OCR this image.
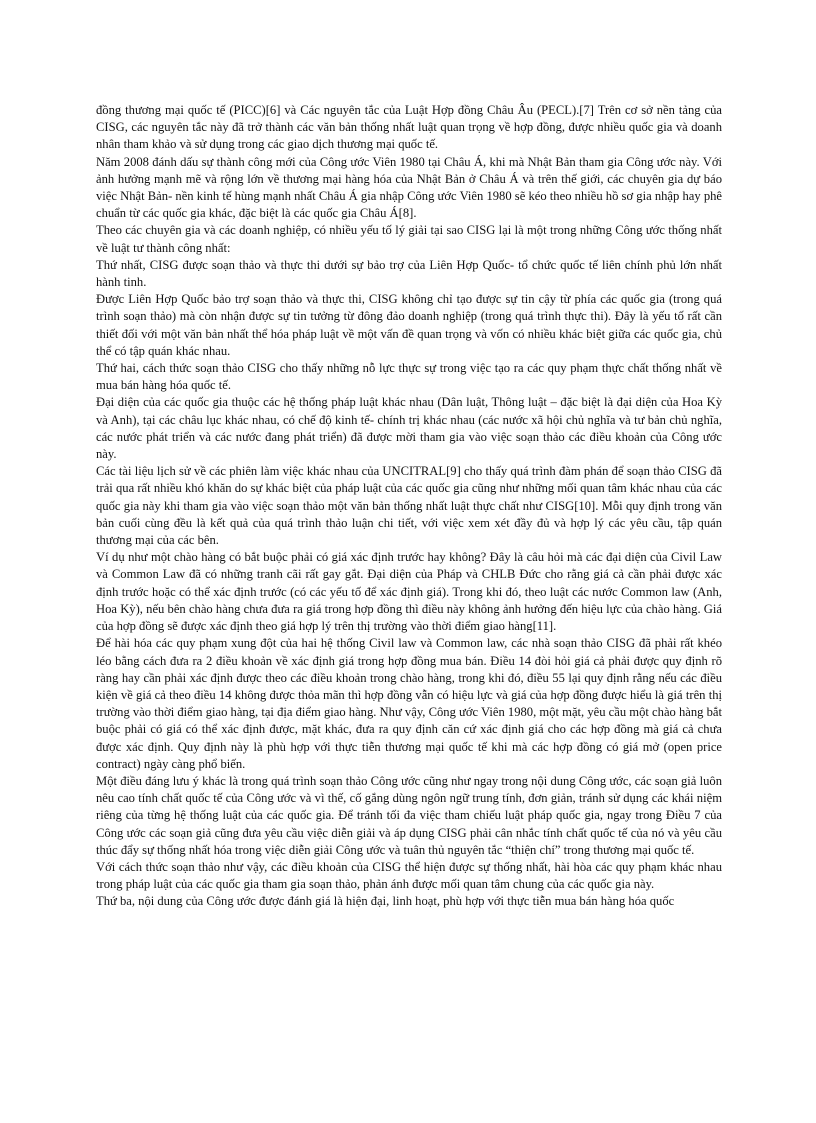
đồng thương mại quốc tế (PICC)[6] và Các nguyên tắc của Luật Hợp đồng Châu Âu (PECL).[7] Trên cơ sở nền tảng của CISG, các nguyên tắc này đã trở thành các văn bản thống nhất luật quan trọng về hợp đồng, được nhiều quốc gia và doanh nhân tham khảo và sử dụng trong các giao dịch thương mại quốc tế.

Năm 2008 đánh dấu sự thành công mới của Công ước Viên 1980 tại Châu Á, khi mà Nhật Bản tham gia Công ước này. Với ảnh hưởng mạnh mẽ và rộng lớn về thương mại hàng hóa của Nhật Bản ở Châu Á và trên thế giới, các chuyên gia dự báo việc Nhật Bản- nền kinh tế hùng mạnh nhất Châu Á gia nhập Công ước Viên 1980 sẽ kéo theo nhiều hồ sơ gia nhập hay phê chuẩn từ các quốc gia khác, đặc biệt là các quốc gia Châu Á[8].

Theo các chuyên gia và các doanh nghiệp, có nhiều yếu tố lý giải tại sao CISG lại là một trong những Công ước thống nhất về luật tư thành công nhất:

Thứ nhất, CISG được soạn thảo và thực thi dưới sự bảo trợ của Liên Hợp Quốc- tổ chức quốc tế liên chính phủ lớn nhất hành tinh.

Được Liên Hợp Quốc bảo trợ soạn thảo và thực thi, CISG không chỉ tạo được sự tin cậy từ phía các quốc gia (trong quá trình soạn thảo) mà còn nhận được sự tin tưởng từ đông đảo doanh nghiệp (trong quá trình thực thi). Đây là yếu tố rất cần thiết đối với một văn bản nhất thể hóa pháp luật về một vấn đề quan trọng và vốn có nhiều khác biệt giữa các quốc gia, chủ thể có tập quán khác nhau.

Thứ hai, cách thức soạn thảo CISG cho thấy những nỗ lực thực sự trong việc tạo ra các quy phạm thực chất thống nhất về mua bán hàng hóa quốc tế.

Đại diện của các quốc gia thuộc các hệ thống pháp luật khác nhau (Dân luật, Thông luật – đặc biệt là đại diện của Hoa Kỳ và Anh), tại các châu lục khác nhau, có chế độ kinh tế- chính trị khác nhau (các nước xã hội chủ nghĩa và tư bản chủ nghĩa, các nước phát triển và các nước đang phát triển) đã được mời tham gia vào việc soạn thảo các điều khoản của Công ước này.

Các tài liệu lịch sử về các phiên làm việc khác nhau của UNCITRAL[9] cho thấy quá trình đàm phán để soạn thảo CISG đã trải qua rất nhiều khó khăn do sự khác biệt của pháp luật của các quốc gia cũng như những mối quan tâm khác nhau của các quốc gia này khi tham gia vào việc soạn thảo một văn bản thống nhất luật thực chất như CISG[10]. Mỗi quy định trong văn bản cuối cùng đều là kết quả của quá trình thảo luận chi tiết, với việc xem xét đầy đủ và hợp lý các yêu cầu, tập quán thương mại của các bên.

Ví dụ như một chào hàng có bắt buộc phải có giá xác định trước hay không? Đây là câu hỏi mà các đại diện của Civil Law và Common Law đã có những tranh cãi rất gay gắt. Đại diện của Pháp và CHLB Đức cho rằng giá cả cần phải được xác định trước hoặc có thể xác định trước (có các yếu tố để xác định giá). Trong khi đó, theo luật các nước Common law (Anh, Hoa Kỳ), nếu bên chào hàng chưa đưa ra giá trong hợp đồng thì điều này không ảnh hưởng đến hiệu lực của chào hàng. Giá của hợp đồng sẽ được xác định theo giá hợp lý trên thị trường vào thời điểm giao hàng[11].

Để hài hóa các quy phạm xung đột của hai hệ thống Civil law và Common law, các nhà soạn thảo CISG đã phải rất khéo léo bằng cách đưa ra 2 điều khoản về xác định giá trong hợp đồng mua bán. Điều 14 đòi hỏi giá cả phải được quy định rõ ràng hay cần phải xác định được theo các điều khoản trong chào hàng, trong khi đó, điều 55 lại quy định rằng nếu các điều kiện về giá cả theo điều 14 không được thỏa mãn thì hợp đồng vẫn có hiệu lực và giá của hợp đồng được hiểu là giá trên thị trường vào thời điểm giao hàng, tại địa điểm giao hàng. Như vậy, Công ước Viên 1980, một mặt, yêu cầu một chào hàng bắt buộc phải có giá có thể xác định được, mặt khác, đưa ra quy định căn cứ xác định giá cho các hợp đồng mà giá cả chưa được xác định. Quy định này là phù hợp với thực tiễn thương mại quốc tế khi mà các hợp đồng có giá mở (open price contract) ngày càng phổ biến.

Một điều đáng lưu ý khác là trong quá trình soạn thảo Công ước cũng như ngay trong nội dung Công ước, các soạn giả luôn nêu cao tính chất quốc tế của Công ước và vì thế, cố gắng dùng ngôn ngữ trung tính, đơn giản, tránh sử dụng các khái niệm riêng của từng hệ thống luật của các quốc gia. Để tránh tối đa việc tham chiếu luật pháp quốc gia, ngay trong Điều 7 của Công ước các soạn giả cũng đưa yêu cầu việc diễn giải và áp dụng CISG phải cân nhắc tính chất quốc tế của nó và yêu cầu thúc đẩy sự thống nhất hóa trong việc diễn giải Công ước và tuân thủ nguyên tắc “thiện chí” trong thương mại quốc tế.

Với cách thức soạn thảo như vậy, các điều khoản của CISG thể hiện được sự thống nhất, hài hòa các quy phạm khác nhau trong pháp luật của các quốc gia tham gia soạn thảo, phản ánh được mối quan tâm chung của các quốc gia này.

Thứ ba, nội dung của Công ước được đánh giá là hiện đại, linh hoạt, phù hợp với thực tiễn mua bán hàng hóa quốc
